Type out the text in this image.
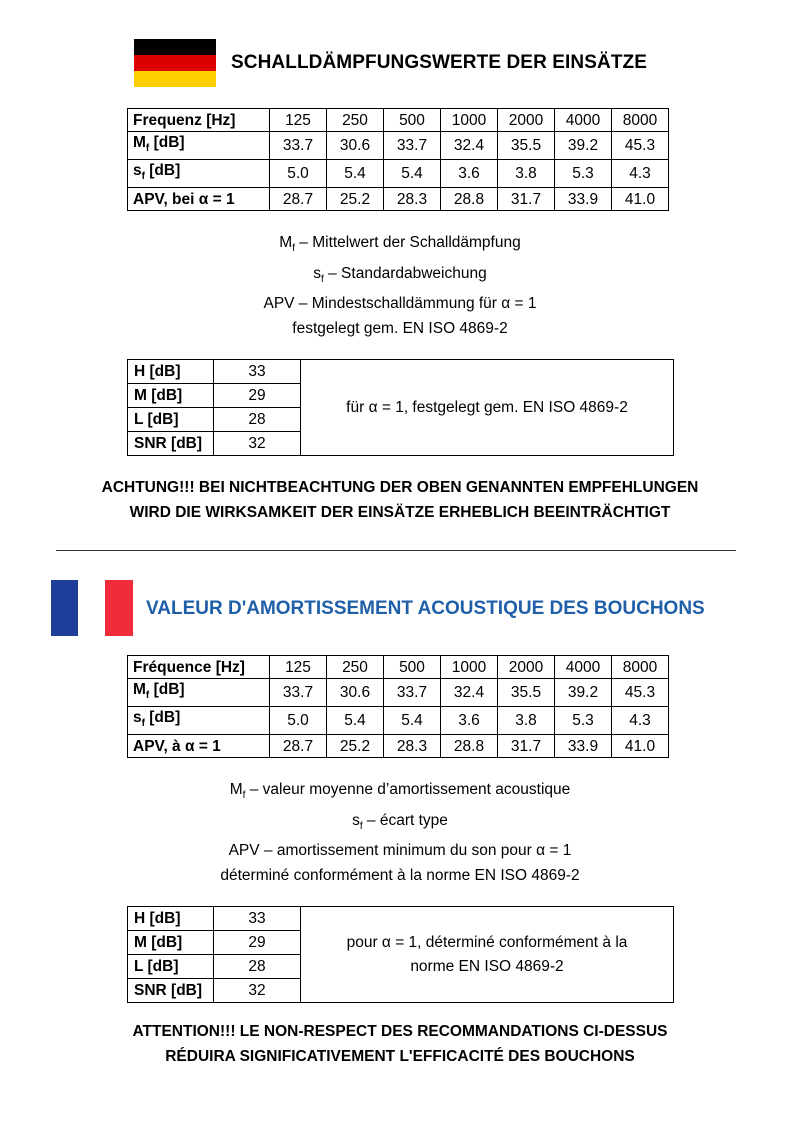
SCHALLDÄMPFUNGSWERTE DER EINSÄTZE
Frequenz [Hz]	125	250	500	1000	2000	4000	8000
$M_f$ [dB]	33.7	30.6	33.7	32.4	35.5	39.2	45.3
$s_f$ [dB]	5.0	5.4	5.4	3.6	3.8	5.3	4.3
APV, bei α = 1	28.7	25.2	28.3	28.8	31.7	33.9	41.0
$M_f$ – Mittelwert der Schalldämpfung
$s_f$ – Standardabweichung
APV – Mindestschalldämmung für α = 1
festgelegt gem. EN ISO 4869-2
H [dB]	33	für α = 1, festgelegt gem. EN ISO 4869-2
M [dB]	29	
L [dB]	28	
SNR [dB]	32	
ACHTUNG!!! BEI NICHTBEACHTUNG DER OBEN GENANNTEN EMPFEHLUNGEN
WIRD DIE WIRKSAMKEIT DER EINSÄTZE ERHEBLICH BEEINTRÄCHTIGT
VALEUR D'AMORTISSEMENT ACOUSTIQUE DES BOUCHONS
Fréquence [Hz]	125	250	500	1000	2000	4000	8000
$M_f$ [dB]	33.7	30.6	33.7	32.4	35.5	39.2	45.3
$s_f$ [dB]	5.0	5.4	5.4	3.6	3.8	5.3	4.3
APV, à α = 1	28.7	25.2	28.3	28.8	31.7	33.9	41.0
$M_f$ – valeur moyenne d’amortissement acoustique
$s_f$ – écart type
APV – amortissement minimum du son pour α = 1
déterminé conformément à la norme EN ISO 4869-2
H [dB]	33	pour α = 1, déterminé conformément à la
norme EN ISO 4869-2

M [dB]	29	
L [dB]	28	
SNR [dB]	32	
ATTENTION!!! LE NON-RESPECT DES RECOMMANDATIONS CI-DESSUS
RÉDUIRA SIGNIFICATIVEMENT L'EFFICACITÉ DES BOUCHONS
